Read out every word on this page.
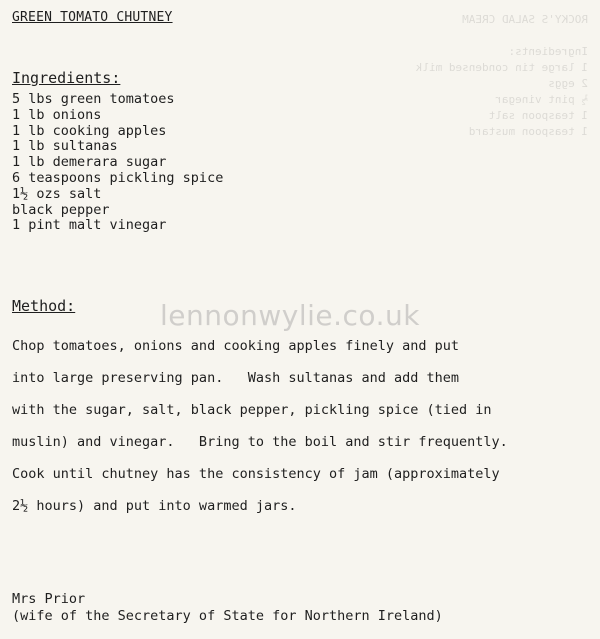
ROCKY'S SALAD CREAM

Ingredients:
1 large tin condensed milk
2 eggs
½ pint vinegar
1 teaspoon salt
1 teaspoon mustard
GREEN TOMATO CHUTNEY
Ingredients:
5 lbs green tomatoes
1 lb onions
1 lb cooking apples
1 lb sultanas
1 lb demerara sugar
6 teaspoons pickling spice
1½ ozs salt
black pepper
1 pint malt vinegar
Method:	lennonwylie.co.uk

Chop tomatoes, onions and cooking apples finely and put

into large preserving pan.   Wash sultanas and add them

with the sugar, salt, black pepper, pickling spice (tied in

muslin) and vinegar.   Bring to the boil and stir frequently.

Cook until chutney has the consistency of jam (approximately

2½ hours) and put into warmed jars.

Mrs Prior

(wife of the Secretary of State for Northern Ireland)
